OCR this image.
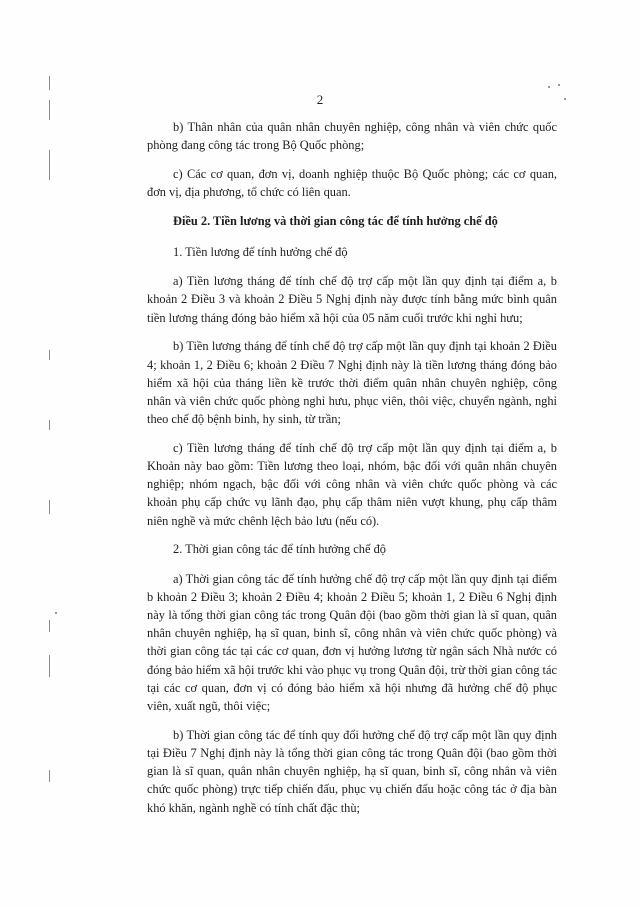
2

b) Thân nhân của quân nhân chuyên nghiệp, công nhân và viên chức quốc phòng đang công tác trong Bộ Quốc phòng;

c) Các cơ quan, đơn vị, doanh nghiệp thuộc Bộ Quốc phòng; các cơ quan, đơn vị, địa phương, tổ chức có liên quan.

Điều 2. Tiền lương và thời gian công tác để tính hưởng chế độ

1. Tiền lương để tính hưởng chế độ

a) Tiền lương tháng để tính chế độ trợ cấp một lần quy định tại điểm a, b khoản 2 Điều 3 và khoản 2 Điều 5 Nghị định này được tính bằng mức bình quân tiền lương tháng đóng bảo hiểm xã hội của 05 năm cuối trước khi nghỉ hưu;

b) Tiền lương tháng để tính chế độ trợ cấp một lần quy định tại khoản 2 Điều 4; khoản 1, 2 Điều 6; khoản 2 Điều 7 Nghị định này là tiền lương tháng đóng bảo hiểm xã hội của tháng liền kề trước thời điểm quân nhân chuyên nghiệp, công nhân và viên chức quốc phòng nghỉ hưu, phục viên, thôi việc, chuyển ngành, nghỉ theo chế độ bệnh binh, hy sinh, từ trần;

c) Tiền lương tháng để tính chế độ trợ cấp một lần quy định tại điểm a, b Khoản này bao gồm: Tiền lương theo loại, nhóm, bậc đối với quân nhân chuyên nghiệp; nhóm ngạch, bậc đối với công nhân và viên chức quốc phòng và các khoản phụ cấp chức vụ lãnh đạo, phụ cấp thâm niên vượt khung, phụ cấp thâm niên nghề và mức chênh lệch bảo lưu (nếu có).

2. Thời gian công tác để tính hưởng chế độ

a) Thời gian công tác để tính hưởng chế độ trợ cấp một lần quy định tại điểm b khoản 2 Điều 3; khoản 2 Điều 4; khoản 2 Điều 5; khoản 1, 2 Điều 6 Nghị định này là tổng thời gian công tác trong Quân đội (bao gồm thời gian là sĩ quan, quân nhân chuyên nghiệp, hạ sĩ quan, binh sĩ, công nhân và viên chức quốc phòng) và thời gian công tác tại các cơ quan, đơn vị hưởng lương từ ngân sách Nhà nước có đóng bảo hiểm xã hội trước khi vào phục vụ trong Quân đội, trừ thời gian công tác tại các cơ quan, đơn vị có đóng bảo hiểm xã hội nhưng đã hưởng chế độ phục viên, xuất ngũ, thôi việc;

b) Thời gian công tác để tính quy đổi hưởng chế độ trợ cấp một lần quy định tại Điều 7 Nghị định này là tổng thời gian công tác trong Quân đội (bao gồm thời gian là sĩ quan, quân nhân chuyên nghiệp, hạ sĩ quan, binh sĩ, công nhân và viên chức quốc phòng) trực tiếp chiến đấu, phục vụ chiến đấu hoặc công tác ở địa bàn khó khăn, ngành nghề có tính chất đặc thù;
